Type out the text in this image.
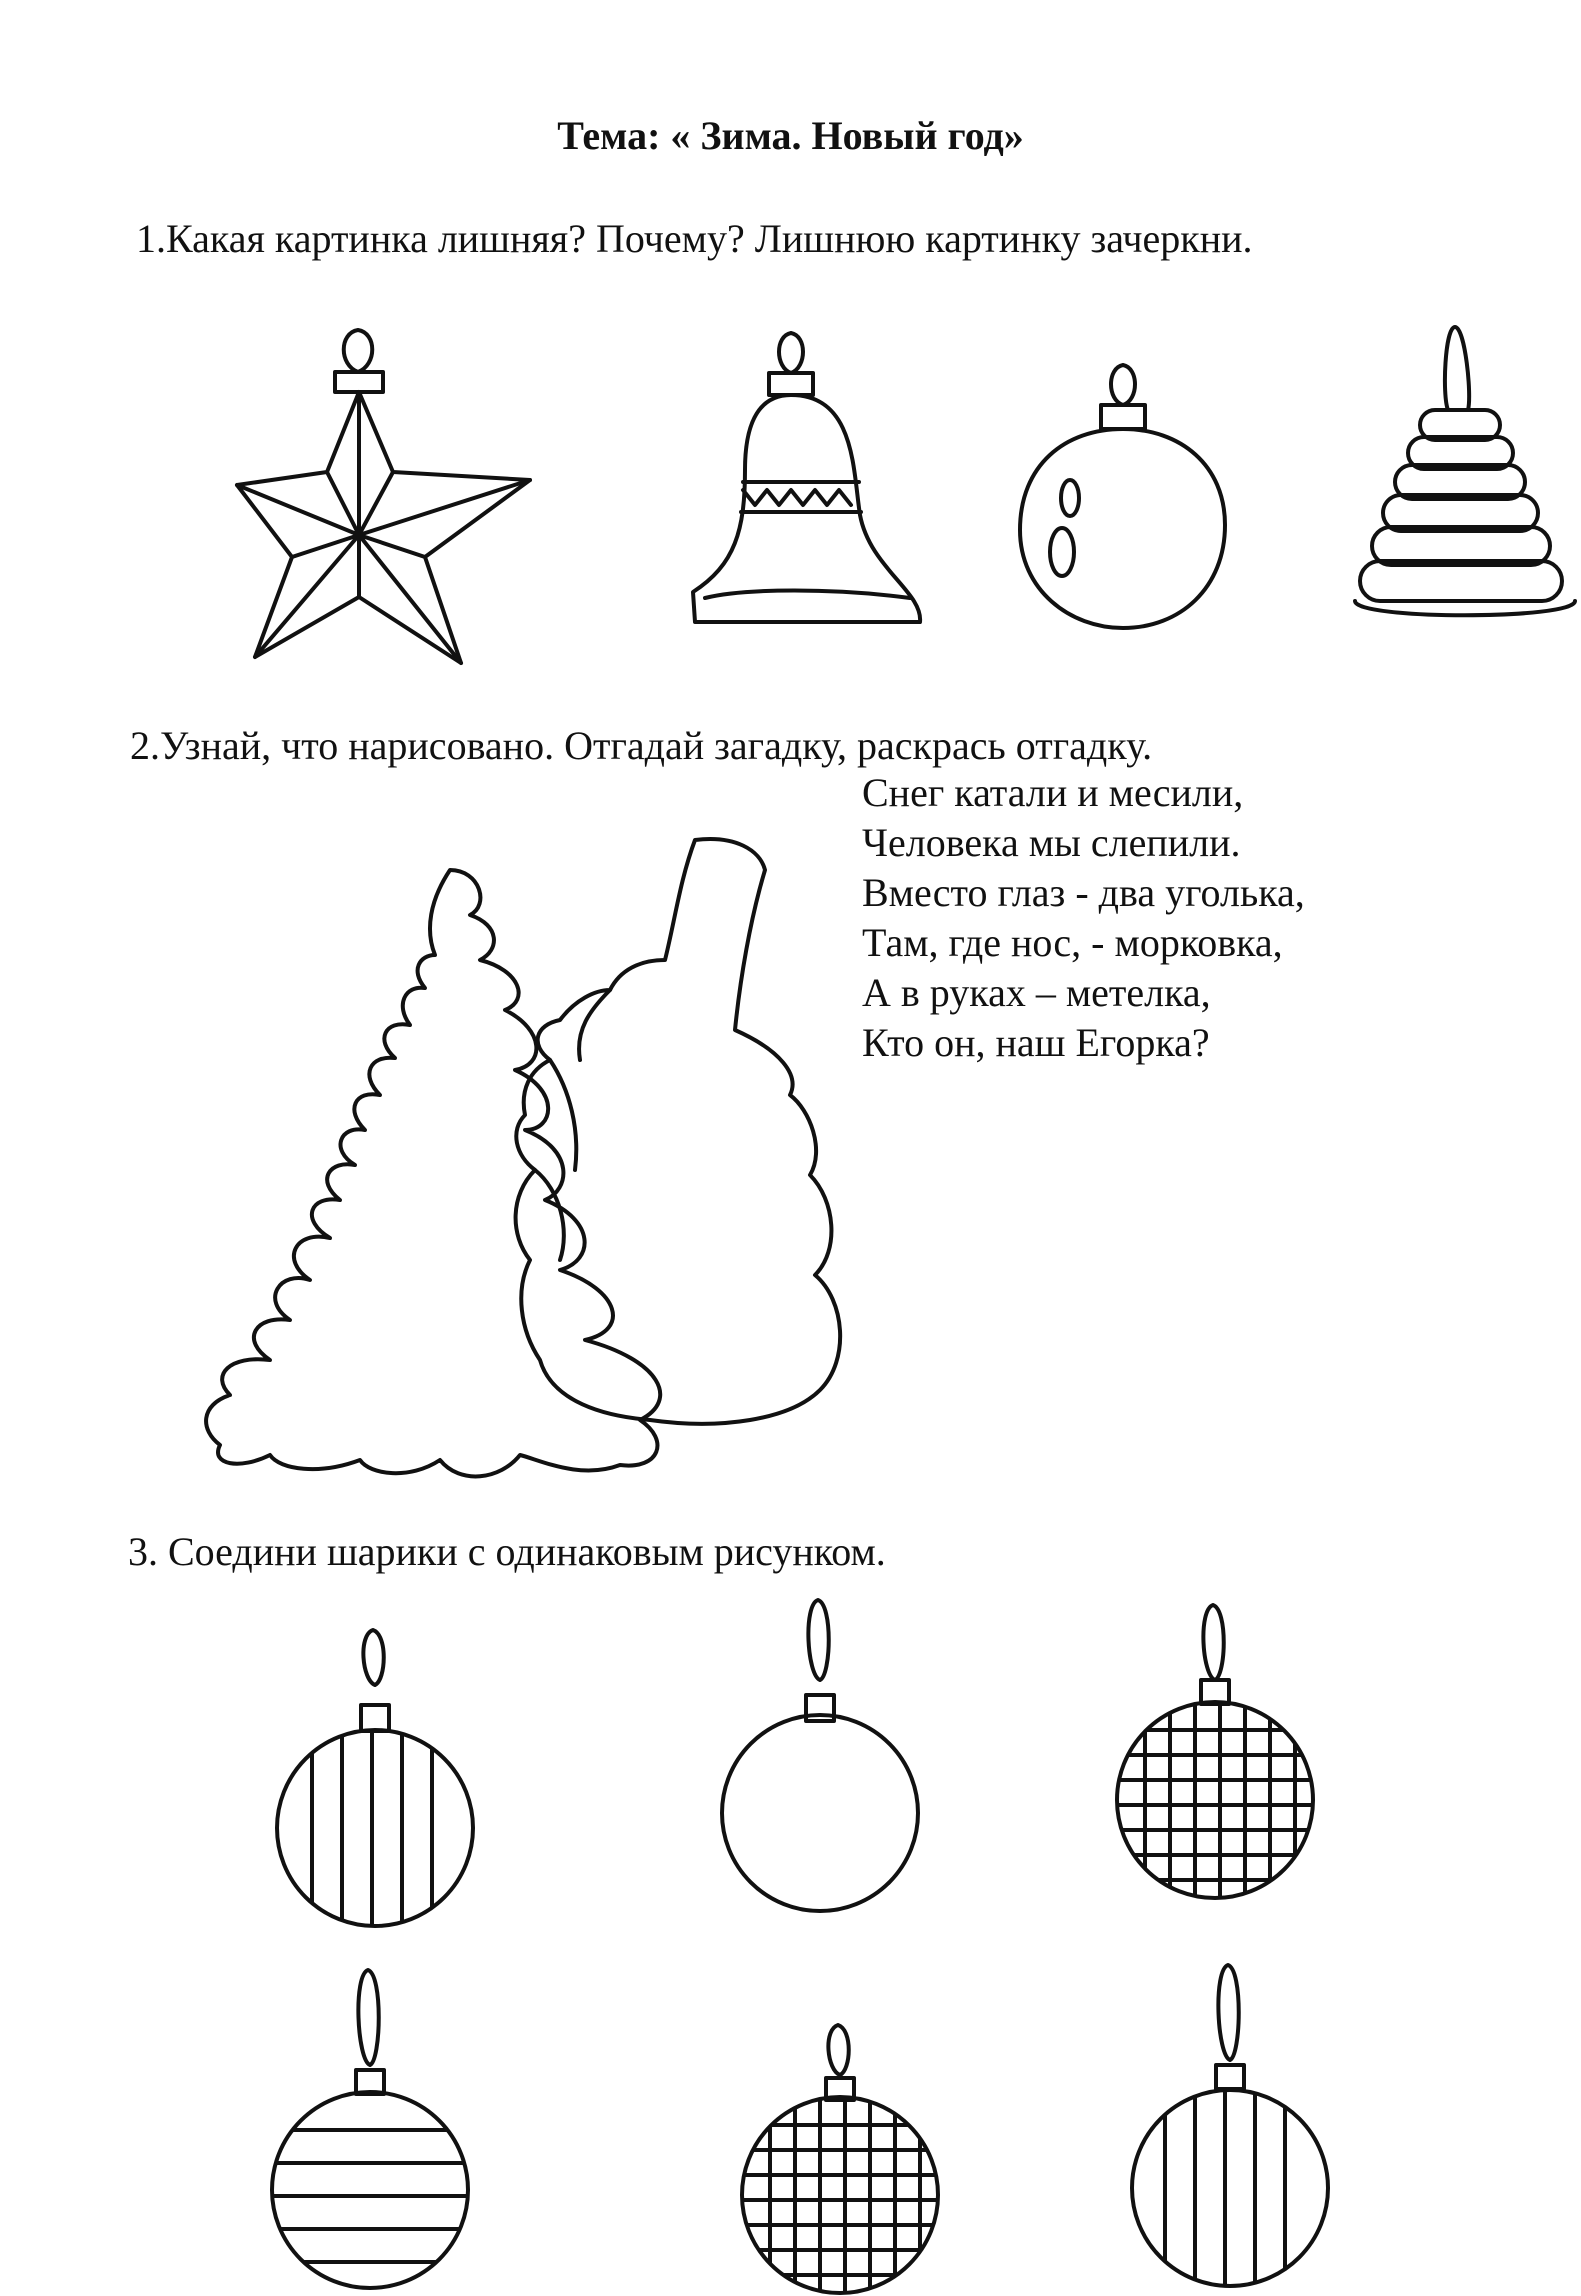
Тема: « Зима. Новый год»
1.Какая картинка лишняя? Почему? Лишнюю картинку зачеркни.
2.Узнай, что нарисовано. Отгадай загадку, раскрась отгадку.
Снег катали и месили,
Человека мы слепили.
Вместо глаз - два уголька,
Там, где нос, - морковка,
А в руках – метелка,
Кто он, наш Егорка?
3. Соедини шарики с одинаковым рисунком.
